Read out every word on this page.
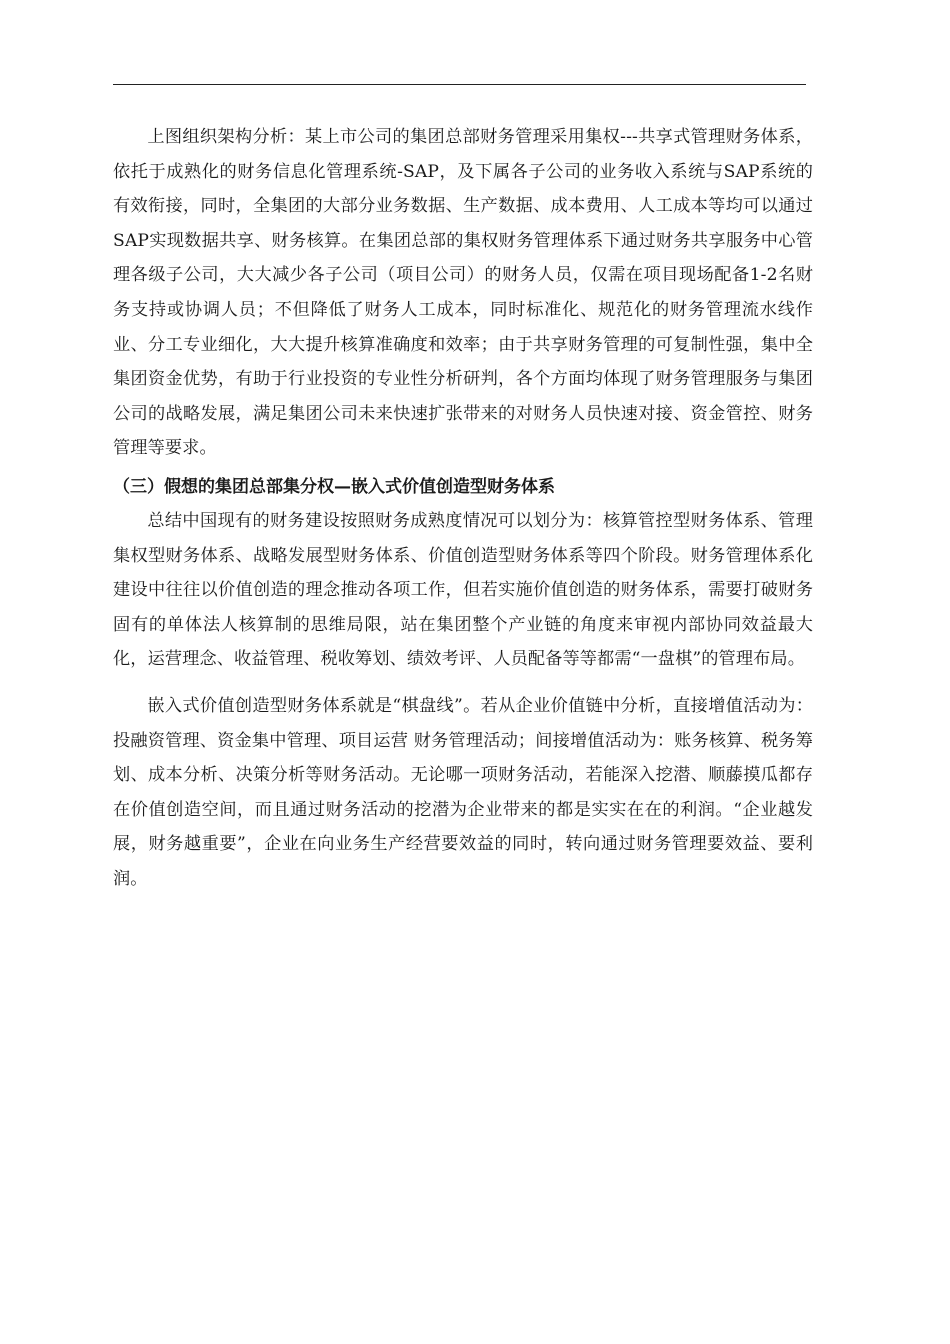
上图组织架构分析：某上市公司的集团总部财务管理采用集权---共享式管理财务体系，依托于成熟化的财务信息化管理系统-SAP，及下属各子公司的业务收入系统与SAP系统的有效衔接，同时，全集团的大部分业务数据、生产数据、成本费用、人工成本等均可以通过SAP实现数据共享、财务核算。在集团总部的集权财务管理体系下通过财务共享服务中心管理各级子公司，大大减少各子公司（项目公司）的财务人员，仅需在项目现场配备1-2名财务支持或协调人员；不但降低了财务人工成本，同时标准化、规范化的财务管理流水线作业、分工专业细化，大大提升核算准确度和效率；由于共享财务管理的可复制性强，集中全集团资金优势，有助于行业投资的专业性分析研判，各个方面均体现了财务管理服务与集团公司的战略发展，满足集团公司未来快速扩张带来的对财务人员快速对接、资金管控、财务管理等要求。

（三）假想的集团总部集分权—嵌入式价值创造型财务体系

总结中国现有的财务建设按照财务成熟度情况可以划分为：核算管控型财务体系、管理集权型财务体系、战略发展型财务体系、价值创造型财务体系等四个阶段。财务管理体系化建设中往往以价值创造的理念推动各项工作，但若实施价值创造的财务体系，需要打破财务固有的单体法人核算制的思维局限，站在集团整个产业链的角度来审视内部协同效益最大化，运营理念、收益管理、税收筹划、绩效考评、人员配备等等都需“一盘棋”的管理布局。

嵌入式价值创造型财务体系就是“棋盘线”。若从企业价值链中分析，直接增值活动为：投融资管理、资金集中管理、项目运营 财务管理活动；间接增值活动为：账务核算、税务筹划、成本分析、决策分析等财务活动。无论哪一项财务活动，若能深入挖潜、顺藤摸瓜都存在价值创造空间，而且通过财务活动的挖潜为企业带来的都是实实在在的利润。“企业越发展，财务越重要”，企业在向业务生产经营要效益的同时，转向通过财务管理要效益、要利润。
